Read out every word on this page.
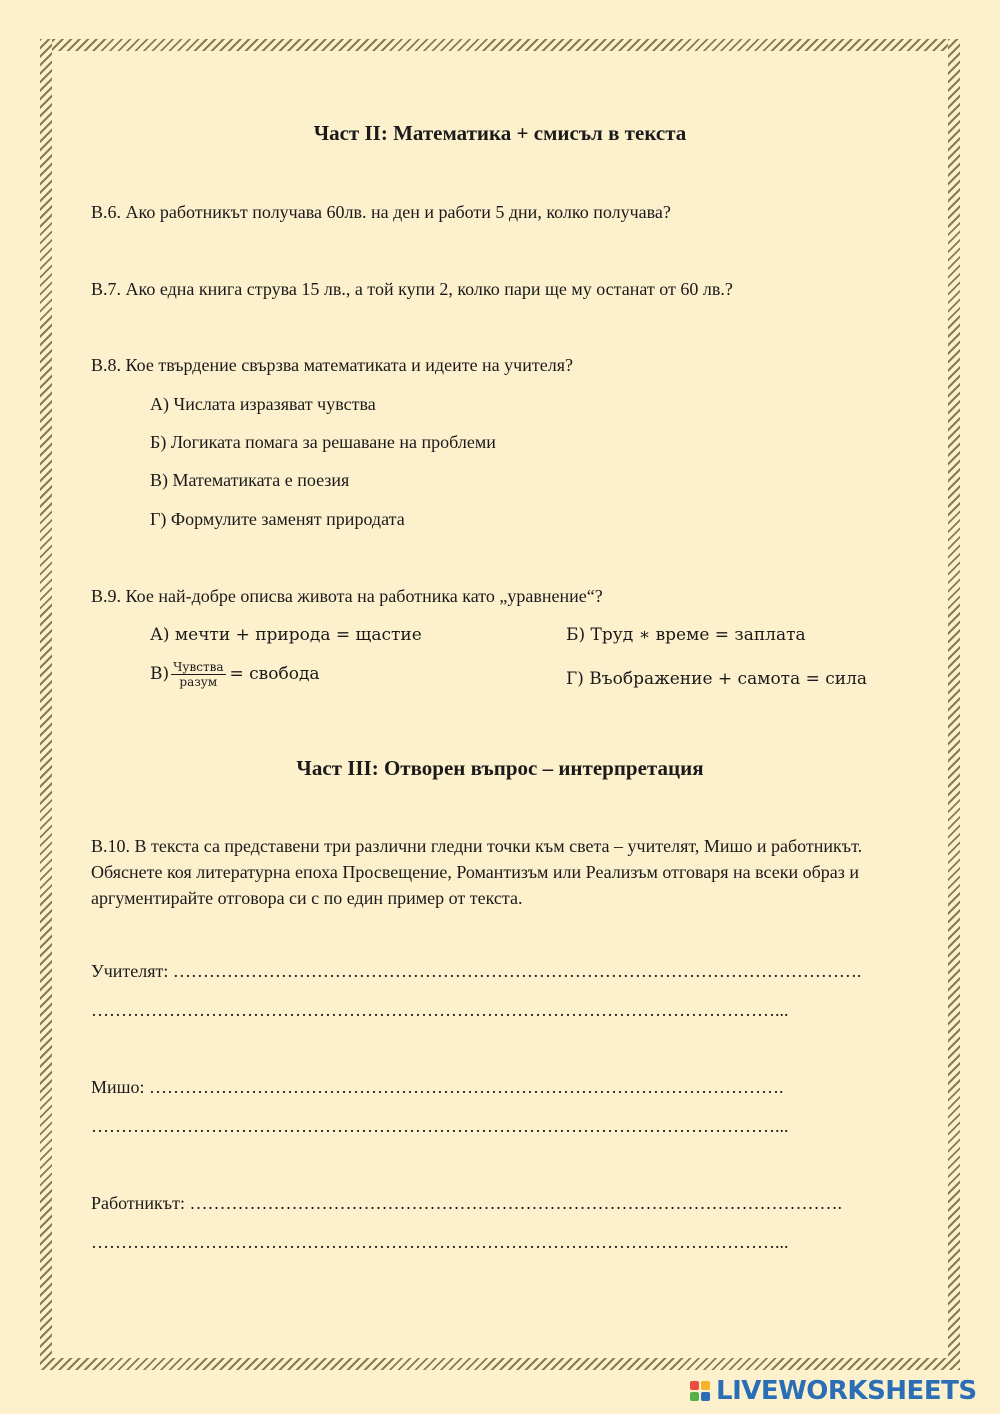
Част II: Математика + смисъл в текста
В.6. Ако работникът получава 60лв. на ден и работи 5 дни, колко получава?
В.7. Ако една книга струва 15 лв., а той купи 2, колко пари ще му останат от 60 лв.?
В.8. Кое твърдение свързва математиката и идеите на учителя?
А) Числата изразяват чувства
Б) Логиката помага за решаване на проблеми
В) Математиката е поезия
Г) Формулите заменят природата
В.9. Кое най-добре описва живота на работника като „уравнение“?
А) мечти + природа = щастие	Б) Труд ∗ време = заплата
$В) \frac{\text{Чувства}}{\text{разум}}$ = свобода	Г) Въображение + самота = сила
Част III: Отворен въпрос – интерпретация
В.10. В текста са представени три различни гледни точки към света – учителят, Мишо и работникът. Обяснете коя литературна епоха Просвещение, Романтизъм или Реализъм отговаря на всеки образ и аргументирайте отговора си с по един пример от текста.
Учителят: …………………………………………………………………………………………………….
……………………………………………………………………………………………………...
Мишо: …………………………………………………………………………………………….
……………………………………………………………………………………………………...
Работникът: ……………………………………………………………………………………………….
……………………………………………………………………………………………………...
LIVEWORKSHEETS
